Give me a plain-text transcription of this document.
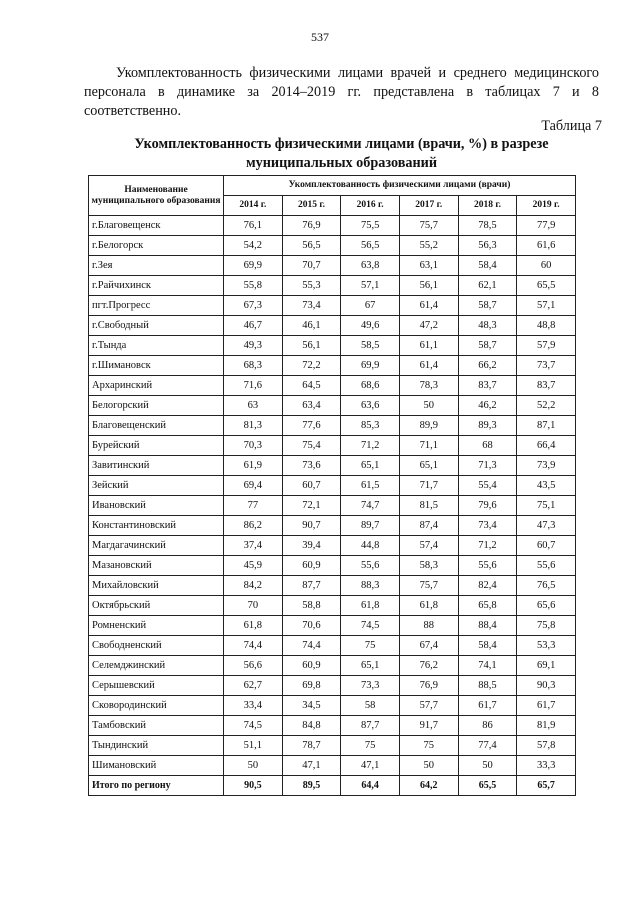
537

Укомплектованность физическими лицами врачей и среднего медицинского персонала в динамике за 2014–2019 гг. представлена в таблицах 7 и 8 соответственно.

Таблица 7

Укомплектованность физическими лицами (врачи, %) в разрезе муниципальных образований

Наименование муниципального образования	Укомплектованность физическими лицами (врачи)					
	2014 г.	2015 г.	2016 г.	2017 г.	2018 г.	2019 г.
г.Благовещенск	76,1	76,9	75,5	75,7	78,5	77,9
г.Белогорск	54,2	56,5	56,5	55,2	56,3	61,6
г.Зея	69,9	70,7	63,8	63,1	58,4	60
г.Райчихинск	55,8	55,3	57,1	56,1	62,1	65,5
пгт.Прогресс	67,3	73,4	67	61,4	58,7	57,1
г.Свободный	46,7	46,1	49,6	47,2	48,3	48,8
г.Тында	49,3	56,1	58,5	61,1	58,7	57,9
г.Шимановск	68,3	72,2	69,9	61,4	66,2	73,7
Архаринский	71,6	64,5	68,6	78,3	83,7	83,7
Белогорский	63	63,4	63,6	50	46,2	52,2
Благовещенский	81,3	77,6	85,3	89,9	89,3	87,1
Бурейский	70,3	75,4	71,2	71,1	68	66,4
Завитинский	61,9	73,6	65,1	65,1	71,3	73,9
Зейский	69,4	60,7	61,5	71,7	55,4	43,5
Ивановский	77	72,1	74,7	81,5	79,6	75,1
Константиновский	86,2	90,7	89,7	87,4	73,4	47,3
Магдагачинский	37,4	39,4	44,8	57,4	71,2	60,7
Мазановский	45,9	60,9	55,6	58,3	55,6	55,6
Михайловский	84,2	87,7	88,3	75,7	82,4	76,5
Октябрьский	70	58,8	61,8	61,8	65,8	65,6
Ромненский	61,8	70,6	74,5	88	88,4	75,8
Свободненский	74,4	74,4	75	67,4	58,4	53,3
Селемджинский	56,6	60,9	65,1	76,2	74,1	69,1
Серышевский	62,7	69,8	73,3	76,9	88,5	90,3
Сковородинский	33,4	34,5	58	57,7	61,7	61,7
Тамбовский	74,5	84,8	87,7	91,7	86	81,9
Тындинский	51,1	78,7	75	75	77,4	57,8
Шимановский	50	47,1	47,1	50	50	33,3
Итого по региону	90,5	89,5	64,4	64,2	65,5	65,7
